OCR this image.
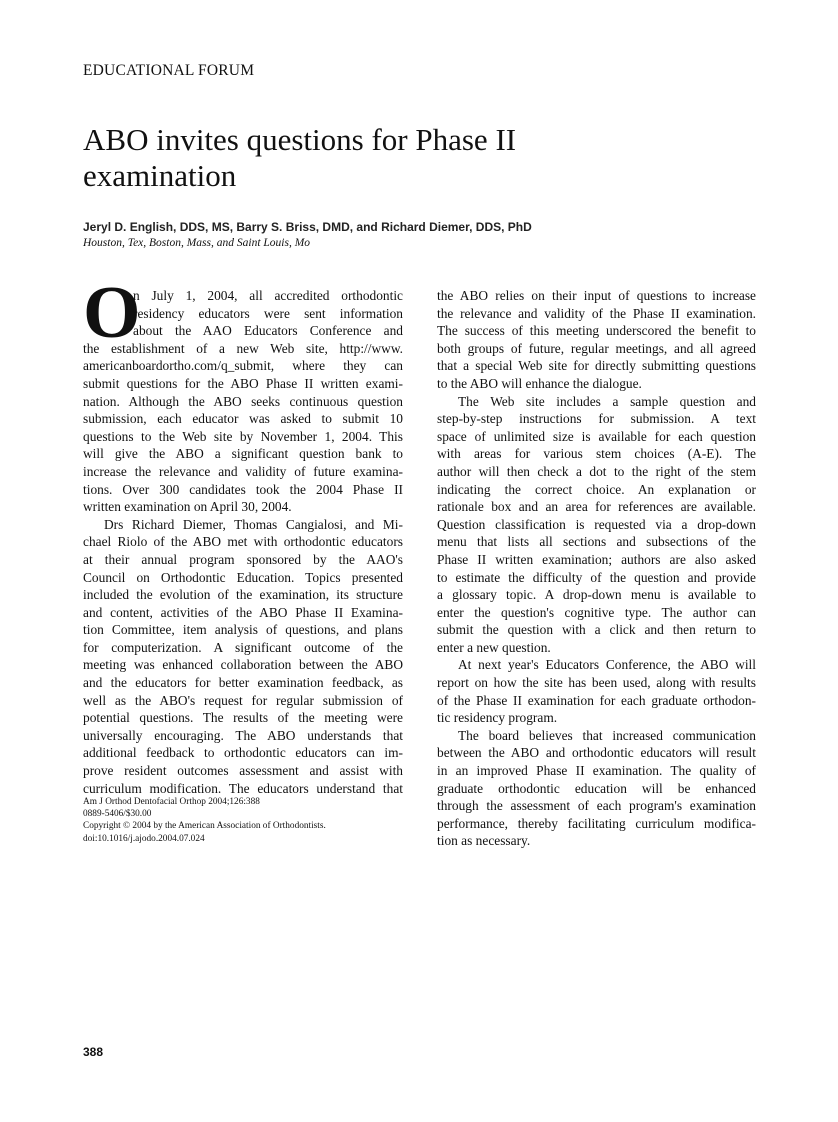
EDUCATIONAL FORUM
ABO invites questions for Phase II
examination
Jeryl D. English, DDS, MS, Barry S. Briss, DMD, and Richard Diemer, DDS, PhD
Houston, Tex, Boston, Mass, and Saint Louis, Mo
O
n July 1, 2004, all accredited orthodontic
residency educators were sent information
about the AAO Educators Conference and
the establishment of a new Web site, http://www.
americanboardortho.com/q_submit, where they can
submit questions for the ABO Phase II written exami-
nation. Although the ABO seeks continuous question
submission, each educator was asked to submit 10
questions to the Web site by November 1, 2004. This
will give the ABO a significant question bank to
increase the relevance and validity of future examina-
tions. Over 300 candidates took the 2004 Phase II
written examination on April 30, 2004.
Drs Richard Diemer, Thomas Cangialosi, and Mi-
chael Riolo of the ABO met with orthodontic educators
at their annual program sponsored by the AAO's
Council on Orthodontic Education. Topics presented
included the evolution of the examination, its structure
and content, activities of the ABO Phase II Examina-
tion Committee, item analysis of questions, and plans
for computerization. A significant outcome of the
meeting was enhanced collaboration between the ABO
and the educators for better examination feedback, as
well as the ABO's request for regular submission of
potential questions. The results of the meeting were
universally encouraging. The ABO understands that
additional feedback to orthodontic educators can im-
prove resident outcomes assessment and assist with
curriculum modification. The educators understand that
the ABO relies on their input of questions to increase
the relevance and validity of the Phase II examination.
The success of this meeting underscored the benefit to
both groups of future, regular meetings, and all agreed
that a special Web site for directly submitting questions
to the ABO will enhance the dialogue.
The Web site includes a sample question and
step-by-step instructions for submission. A text
space of unlimited size is available for each question
with areas for various stem choices (A-E). The
author will then check a dot to the right of the stem
indicating the correct choice. An explanation or
rationale box and an area for references are available.
Question classification is requested via a drop-down
menu that lists all sections and subsections of the
Phase II written examination; authors are also asked
to estimate the difficulty of the question and provide
a glossary topic. A drop-down menu is available to
enter the question's cognitive type. The author can
submit the question with a click and then return to
enter a new question.
At next year's Educators Conference, the ABO will
report on how the site has been used, along with results
of the Phase II examination for each graduate orthodon-
tic residency program.
The board believes that increased communication
between the ABO and orthodontic educators will result
in an improved Phase II examination. The quality of
graduate orthodontic education will be enhanced
through the assessment of each program's examination
performance, thereby facilitating curriculum modifica-
tion as necessary.
Am J Orthod Dentofacial Orthop 2004;126:388
0889-5406/$30.00
Copyright © 2004 by the American Association of Orthodontists.
doi:10.1016/j.ajodo.2004.07.024
388
